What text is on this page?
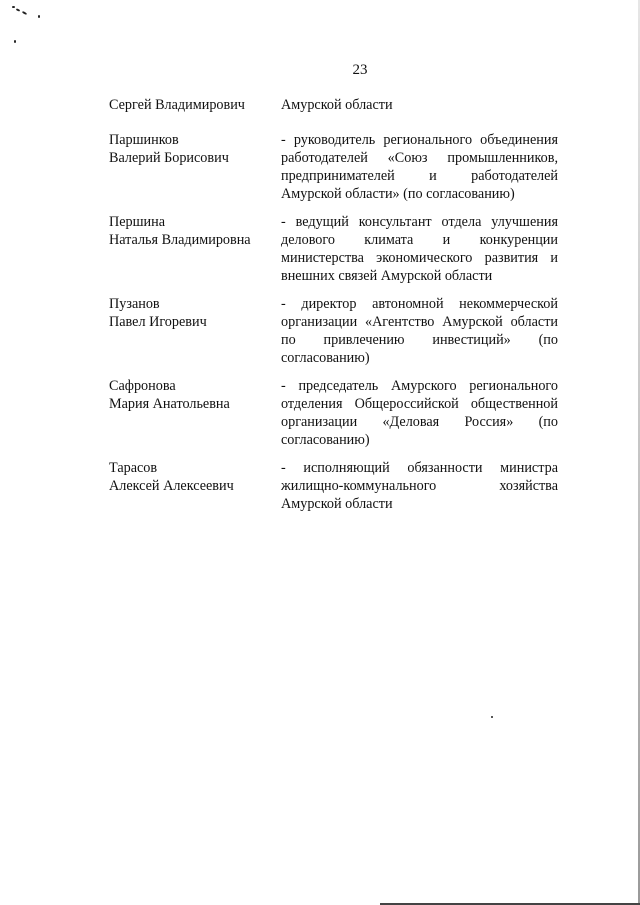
23
Сергей Владимирович	Амурской области
Паршинков
Валерий Борисович
- руководитель регионального объединения
работодателей «Союз промышленников,
предпринимателей и работодателей
Амурской области» (по согласованию)
Першина
Наталья Владимировна
- ведущий консультант отдела улучшения
делового климата и конкуренции
министерства экономического развития и
внешних связей Амурской области
Пузанов
Павел Игоревич
- директор автономной некоммерческой
организации «Агентство Амурской области
по привлечению инвестиций» (по
согласованию)
Сафронова
Мария Анатольевна
- председатель Амурского регионального
отделения Общероссийской общественной
организации «Деловая Россия» (по
согласованию)
Тарасов
Алексей Алексеевич
- исполняющий обязанности министра
жилищно-коммунального хозяйства
Амурской области
